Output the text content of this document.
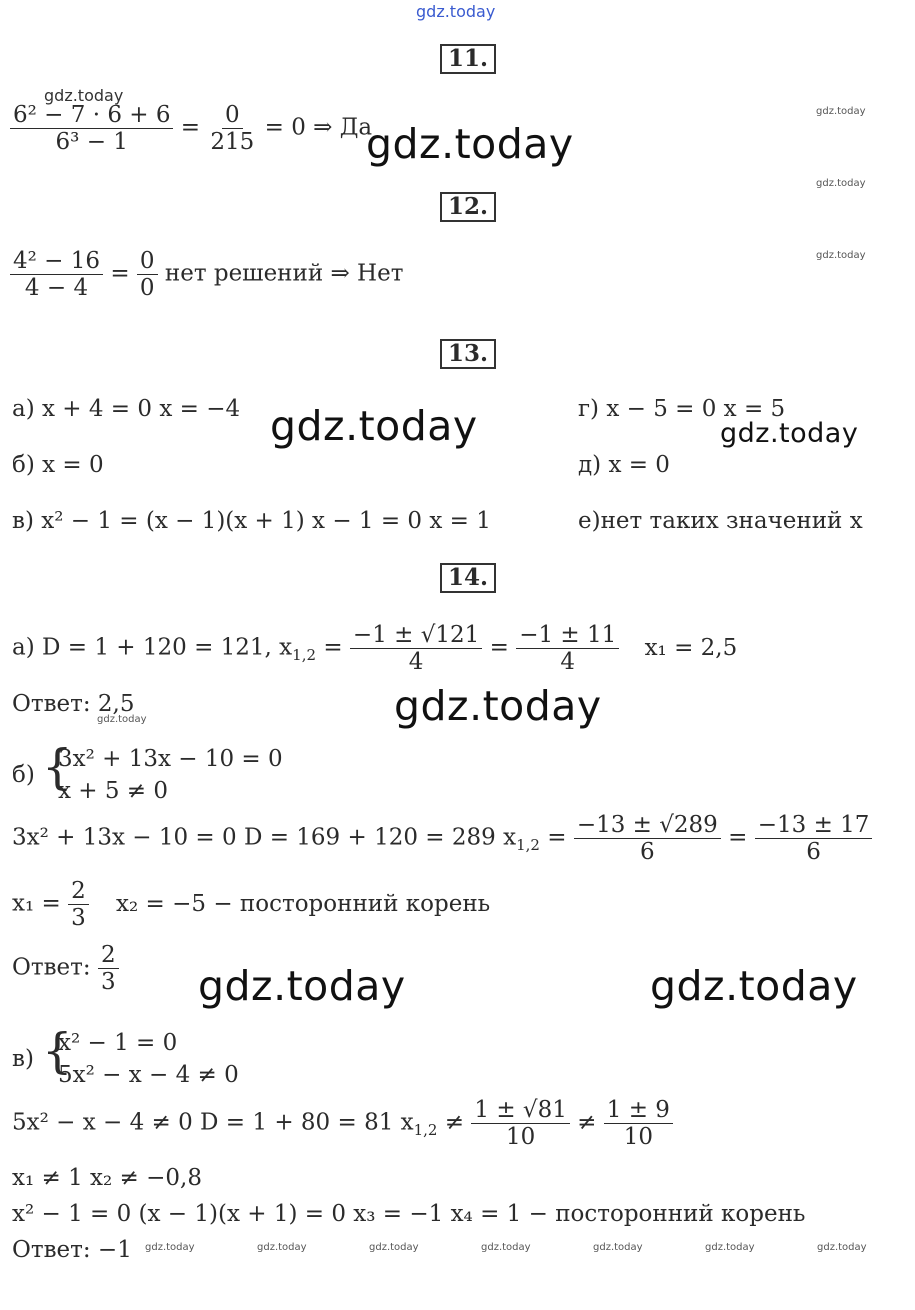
gdz.today
11.
gdz.today
$\frac{\text{6² − 7 · 6 + 6}}{\text{6³ − 1}} = \frac{0}{215} = 0$ ⇒ Да
gdz.today
gdz.today
gdz.today
12.
gdz.today
$\frac{\text{4² − 16}}{4 - 4} = \frac{0}{0}$ нет решений ⇒ Нет
13.
а) x + 4 = 0 x = −4 gdz.today	г) x − 5 = 0 x = 5
gdz.today
б) x = 0	д) x = 0
в) x² − 1 = (x − 1)(x + 1) x − 1 = 0 x = 1	е)нет таких значений x
14.
а) D = 1 + 120 = 121, $x_{1,2} = \frac{-1 \pm √121}{4} = \frac{-1 \pm 11}{4} x_1 = 2,5$
Ответ: 2,5
gdz.today	gdz.today
б) {
3x² + 13x − 10 = 0
x + 5 ≠ 0
3x² + 13x − 10 = 0 D = 169 + 120 = 289 $x_{1,2} = \frac{-13 \pm √289}{6} = \frac{-13 \pm 17}{6}$
$x_1 = \frac{2}{3} x_2 = -5$ − посторонний корень
Ответ: $\frac{2}{3}$ gdz.today	gdz.today
в) {
x² − 1 = 0
5x² − x − 4 ≠ 0
5x² − x − 4 ≠ 0 D = 1 + 80 = 81 $x_{1,2} \ne \frac{1 \pm √81}{10} \ne \frac{1 \pm 9}{10}$
x₁ ≠ 1 x₂ ≠ −0,8
x² − 1 = 0 (x − 1)(x + 1) = 0 x₃ = −1 x₄ = 1 − посторонний корень
Ответ: −1 gdz.today	gdz.today	gdz.today	gdz.today	gdz.today	gdz.today	gdz.today
